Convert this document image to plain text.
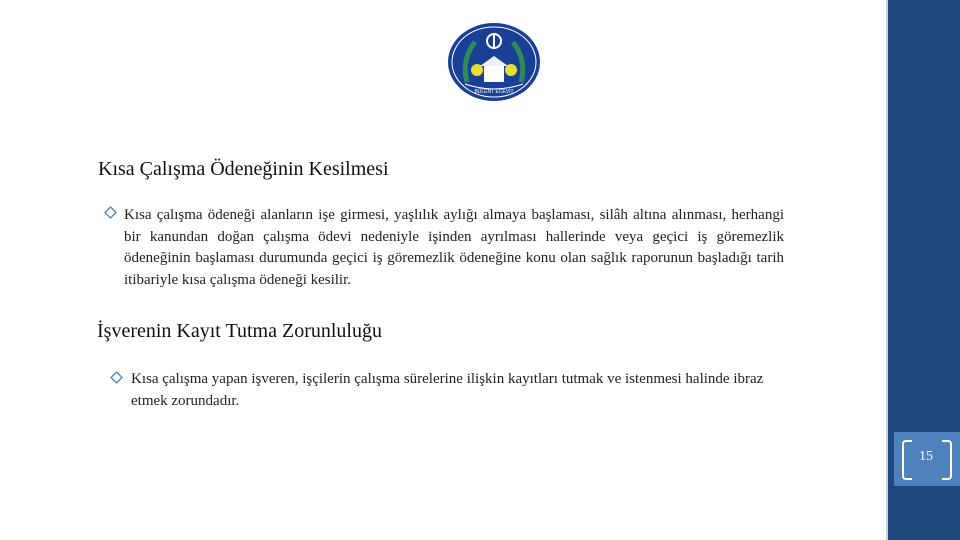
15
BÜLENT ECEVİT
Kısa Çalışma Ödeneğinin Kesilmesi
Kısa çalışma ödeneği alanların işe girmesi, yaşlılık aylığı almaya başlaması, silâh altına alınması, herhangi bir kanundan doğan çalışma ödevi nedeniyle işinden ayrılması hallerinde veya geçici iş göremezlik ödeneğinin başlaması durumunda geçici iş göremezlik ödeneğine konu olan sağlık raporunun başladığı tarih itibariyle kısa çalışma ödeneği kesilir.
İşverenin Kayıt Tutma Zorunluluğu
Kısa çalışma yapan işveren, işçilerin çalışma sürelerine ilişkin kayıtları tutmak ve istenmesi halinde ibraz etmek zorundadır.
